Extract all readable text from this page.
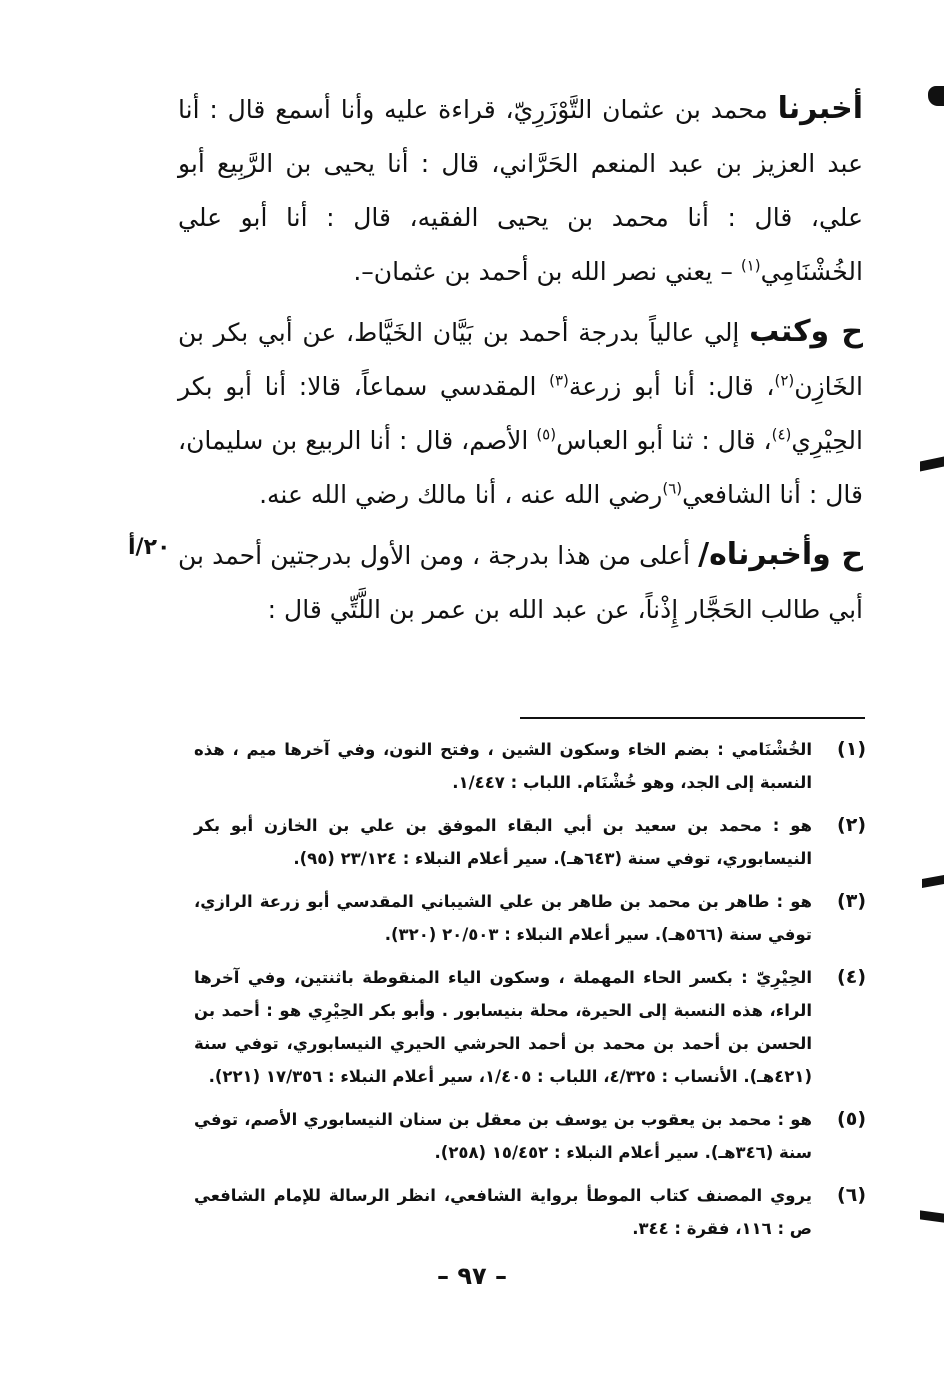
أخبرنا محمد بن عثمان التَّوْزَرِيّ، قراءة عليه وأنا أسمع قال : أنا عبد العزيز بن عبد المنعم الحَرَّاني، قال : أنا يحيى بن الرَّبِيع أبو علي، قال : أنا محمد بن يحيى الفقيه، قال : أنا أبو علي الخُشْنَامِي$^{(١)}$ – يعني نصر الله بن أحمد بن عثمان–.

ح وكتب إلي عالياً بدرجة أحمد بن بَيَّان الخَيَّاط، عن أبي بكر بن الخَازِن$^{(٢)}$، قال: أنا أبو زرعة$^{(٣)}$ المقدسي سماعاً، قالا: أنا أبو بكر الحِيْرِي$^{(٤)}$، قال : ثنا أبو العباس$^{(٥)}$ الأصم، قال : أنا الربيع بن سليمان، قال : أنا الشافعي$^{(٦)}$رضي الله عنه ، أنا مالك رضي الله عنه.

ح وأخبرناه/ أعلى من هذا بدرجة ، ومن الأول بدرجتين أحمد بن أبي طالب الحَجَّار إِذْناً، عن عبد الله بن عمر بن اللَّتِّي قال :

٢٠/أ
(١)
الخُشْنَامي : بضم الخاء وسكون الشين ، وفتح النون، وفي آخرها ميم ، هذه النسبة إلى الجد، وهو خُشْنَام. اللباب : ١/٤٤٧.
(٢)
هو : محمد بن سعيد بن أبي البقاء الموفق بن علي بن الخازن أبو بكر النيسابوري، توفي سنة (٦٤٣هـ). سير أعلام النبلاء : ٢٣/١٢٤ (٩٥).
(٣)
هو : طاهر بن محمد بن طاهر بن علي الشيباني المقدسي أبو زرعة الرازي، توفي سنة (٥٦٦هـ). سير أعلام النبلاء : ٢٠/٥٠٣ (٣٢٠).
(٤)
الحِيْرِيّ : بكسر الحاء المهملة ، وسكون الياء المنقوطة باثنتين، وفي آخرها الراء، هذه النسبة إلى الحيرة، محلة بنيسابور . وأبو بكر الحِيْرِي هو : أحمد بن الحسن بن أحمد بن محمد بن أحمد الحرشي الحيري النيسابوري، توفي سنة (٤٢١هـ). الأنساب : ٤/٣٢٥، اللباب : ١/٤٠٥، سير أعلام النبلاء : ١٧/٣٥٦ (٢٢١).
(٥)
هو : محمد بن يعقوب بن يوسف بن معقل بن سنان النيسابوري الأصم، توفي سنة (٣٤٦هـ). سير أعلام النبلاء : ١٥/٤٥٢ (٢٥٨).
(٦)
يروي المصنف كتاب الموطأ برواية الشافعي، انظر الرسالة للإمام الشافعي ص : ١١٦، فقرة : ٣٤٤.
– ٩٧ –
